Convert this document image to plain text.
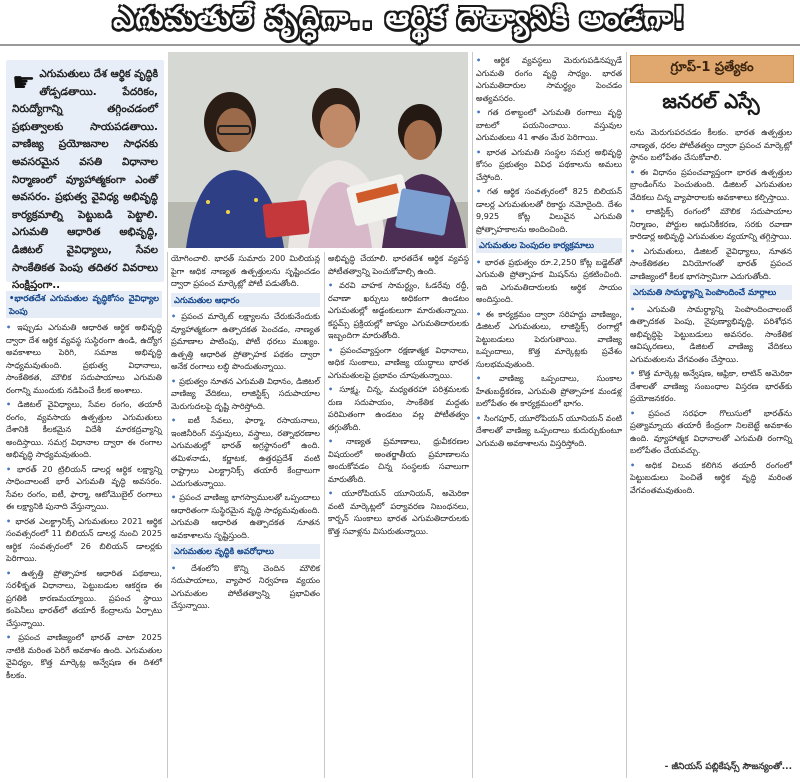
ఎగుమతులే వృద్ధిగా.. ఆర్థిక దౌత్యానికి అండగా!
☛ ఎగుమతులు దేశ ఆర్థిక వృద్ధికి తోడ్పడతాయి. పేదరికం, నిరుద్యోగాన్ని తగ్గించడంలో ప్రభుత్వాలకు సాయపడతాయి. వాణిజ్య ప్రయోజనాల సాధనకు అవసరమైన వసతి విధానాల నిర్మాణంలో వ్యూహాత్మకంగా ఎంతో అవసరం. ప్రభుత్వ వైవిధ్య అభివృద్ధి కార్యక్రమాల్ని పెట్టుబడి పెట్టాలి. ఎగుమతి ఆధారిత అభివృద్ధి, డిజిటల్ వైవిధ్యాలు, సేవల సాంకేతికత పెంపు తదితర వివరాలు సంక్షిప్తంగా..
• భారతదేశ ఎగుమతుల వృద్ధికోసం వైవిధ్యాల పెంపు

• ఇప్పుడు ఎగుమతి ఆధారిత ఆర్థిక అభివృద్ధి ద్వారా దేశ ఆర్థిక వ్యవస్థ సుస్థిరంగా ఉండి, ఉద్యోగ అవకాశాలు పెరిగి, సమాజ అభివృద్ధి సాధ్యమవుతుంది. ప్రభుత్వ విధానాలు, సాంకేతికత, మౌలిక సదుపాయాలు ఎగుమతి రంగాన్ని ముందుకు నడిపించే కీలక అంశాలు.

• డిజిటల్ వైవిధ్యాలు, సేవల రంగం, తయారీ రంగం, వ్యవసాయ ఉత్పత్తుల ఎగుమతులు దేశానికి కీలకమైన విదేశీ మారకద్రవ్యాన్ని అందిస్తాయి. సమగ్ర విధానాల ద్వారా ఈ రంగాల అభివృద్ధి సాధ్యమవుతుంది.

• భారత్ 20 ట్రిలియన్ డాలర్ల ఆర్థిక లక్ష్యాన్ని సాధించాలంటే భారీ ఎగుమతి వృద్ధి అవసరం. సేవల రంగం, ఐటీ, ఫార్మా, ఆటోమొబైల్ రంగాలు ఈ లక్ష్యానికి పునాది వేస్తున్నాయి.

• భారత ఎలక్ట్రానిక్స్ ఎగుమతులు 2021 ఆర్థిక సంవత్సరంలో 11 బిలియన్ డాలర్ల నుంచి 2025 ఆర్థిక సంవత్సరంలో 26 బిలియన్ డాలర్లకు పెరిగాయి.

• ఉత్పత్తి ప్రోత్సాహక ఆధారిత పథకాలు, సరళీకృత విధానాలు, పెట్టుబడుల ఆకర్షణ ఈ ప్రగతికి కారణమయ్యాయి. ప్రపంచ స్థాయి కంపెనీలు భారత్‌లో తయారీ కేంద్రాలను ఏర్పాటు చేస్తున్నాయి.

• ప్రపంచ వాణిజ్యంలో భారత్ వాటా 2025 నాటికి మరింత పెరిగే అవకాశం ఉంది. ఎగుమతుల వైవిధ్యం, కొత్త మార్కెట్ల అన్వేషణ ఈ దిశలో కీలకం.

యోగించాలి. భారత్ సుమారు 200 మిలియన్ల పైగా ఆధిక నాణ్యత ఉత్పత్తులను సృష్టించడం ద్వారా ప్రపంచ మార్కెట్లో పోటీ పడుతోంది.

ఎగుమతుల ఆధారం

• ప్రపంచ మార్కెట్ లక్ష్యాలను చేరుకునేందుకు వ్యూహాత్మకంగా ఉత్పాదకత పెంచడం, నాణ్యత ప్రమాణాల పాటింపు, పోటీ ధరలు ముఖ్యం. ఉత్పత్తి ఆధారిత ప్రోత్సాహక పథకం ద్వారా అనేక రంగాలు లబ్ధి పొందుతున్నాయి.

• ప్రభుత్వం నూతన ఎగుమతి విధానం, డిజిటల్ వాణిజ్య వేదికలు, లాజిస్టిక్స్ సదుపాయాల మెరుగుదలపై దృష్టి సారిస్తోంది.

• ఐటీ సేవలు, ఫార్మా, రసాయనాలు, ఇంజినీరింగ్ వస్తువులు, వస్త్రాలు, రత్నాభరణాల ఎగుమతుల్లో భారత్ అగ్రస్థానంలో ఉంది. తమిళనాడు, కర్ణాటక, ఉత్తరప్రదేశ్ వంటి రాష్ట్రాలు ఎలక్ట్రానిక్స్ తయారీ కేంద్రాలుగా ఎదుగుతున్నాయి.

• ప్రపంచ వాణిజ్య భాగస్వాములతో ఒప్పందాలు ఆధారితంగా సుస్థిరమైన వృద్ధి సాధ్యమవుతుంది. ఎగుమతి ఆధారిత ఉత్పాదకత నూతన అవకాశాలను సృష్టిస్తుంది.

ఎగుమతుల వృద్ధికి అవరోధాలు

• దేశంలోని కొన్ని చెందిన మౌలిక సదుపాయాలు, వ్యాపార నిర్వహణ వ్యయం ఎగుమతుల పోటీతత్వాన్ని ప్రభావితం చేస్తున్నాయి.

అభివృద్ధి చేయాలి. భారతదేశ ఆర్థిక వ్యవస్థ పోటీతత్వాన్ని పెంచుకోవాల్సి ఉంది.

• వరవి వాహక సామర్థ్యం, ఓడరేవు రద్దీ, రవాణా ఖర్చులు అధికంగా ఉండటం ఎగుమతుల్లో అడ్డంకులుగా మారుతున్నాయి. కస్టమ్స్ ప్రక్రియల్లో జాప్యం ఎగుమతిదారులకు ఇబ్బందిగా మారుతోంది.

• ప్రపంచవ్యాప్తంగా రక్షణాత్మక విధానాలు, అధిక సుంకాలు, వాణిజ్య యుద్ధాలు భారత ఎగుమతులపై ప్రభావం చూపుతున్నాయి.

• సూక్ష్మ, చిన్న, మధ్యతరహా పరిశ్రమలకు రుణ సదుపాయం, సాంకేతిక మద్దతు పరిమితంగా ఉండటం వల్ల పోటీతత్వం తగ్గుతోంది.

• నాణ్యత ప్రమాణాలు, ధ్రువీకరణల విషయంలో అంతర్జాతీయ ప్రమాణాలను అందుకోవడం చిన్న సంస్థలకు సవాలుగా మారుతోంది.

• యూరోపియన్ యూనియన్, అమెరికా వంటి మార్కెట్లలో పర్యావరణ నిబంధనలు, కార్బన్ సుంకాలు భారత ఎగుమతిదారులకు కొత్త సవాళ్లను విసురుతున్నాయి.

• ఆర్థిక వ్యవస్థలు మెరుగుపడినప్పుడే ఎగుమతి రంగం వృద్ధి సాధ్యం. భారత ఎగుమతిదారుల సామర్థ్యం పెంచడం అత్యవసరం.

• గత దశాబ్దంలో ఎగుమతి రంగాలు వృద్ధి బాటలో పయనించాయి. వస్తువుల ఎగుమతులు 41 శాతం మేర పెరిగాయి.

• భారత ఎగుమతి సంస్థల సమగ్ర అభివృద్ధి కోసం ప్రభుత్వం వివిధ పథకాలను అమలు చేస్తోంది.

• గత ఆర్థిక సంవత్సరంలో 825 బిలియన్ డాలర్ల ఎగుమతులతో రికార్డు నమోదైంది. దేశం 9,925 కోట్ల విలువైన ఎగుమతి ప్రోత్సాహకాలను అందించింది.

ఎగుమతుల పెంపుదల కార్యక్రమాలు

• భారత ప్రభుత్వం రూ.2,250 కోట్ల బడ్జెట్‌తో ఎగుమతి ప్రోత్సాహక మిషన్‌ను ప్రకటించింది. ఇది ఎగుమతిదారులకు ఆర్థిక సాయం అందిస్తుంది.

• ఈ కార్యక్రమం ద్వారా సరిహద్దు వాణిజ్యం, డిజిటల్ ఎగుమతులు, లాజిస్టిక్స్ రంగాల్లో పెట్టుబడులు పెరుగుతాయి. వాణిజ్య ఒప్పందాలు, కొత్త మార్కెట్లకు ప్రవేశం సులభమవుతుంది.

• వాణిజ్య ఒప్పందాలు, సుంకాల హేతుబద్ధీకరణ, ఎగుమతి ప్రోత్సాహక మండళ్ల బలోపేతం ఈ కార్యక్రమంలో భాగం.

• సింగపూర్, యూరోపియన్ యూనియన్ వంటి దేశాలతో వాణిజ్య ఒప్పందాలు కుదుర్చుకుంటూ ఎగుమతి అవకాశాలను విస్తరిస్తోంది.

గ్రూప్-1 ప్రత్యేకం
జనరల్ ఎస్సే

లను మెరుగుపరచడం కీలకం. భారత ఉత్పత్తుల నాణ్యత, ధరల పోటీతత్వం ద్వారా ప్రపంచ మార్కెట్లో స్థానం బలోపేతం చేసుకోవాలి.

• ఈ విధానం ప్రపంచవ్యాప్తంగా భారత ఉత్పత్తుల బ్రాండింగ్‌ను పెంచుతుంది. డిజిటల్ ఎగుమతుల వేదికలు చిన్న వ్యాపారాలకు అవకాశాలు కల్పిస్తాయి.

• లాజిస్టిక్స్ రంగంలో మౌలిక సదుపాయాల నిర్మాణం, పోర్టుల ఆధునికీకరణ, సరకు రవాణా కారిడార్ల అభివృద్ధి ఎగుమతుల వ్యయాన్ని తగ్గిస్తాయి.

• ఎగుమతులు, డిజిటల్ వైవిధ్యాలు, నూతన సాంకేతికతల వినియోగంతో భారత్ ప్రపంచ వాణిజ్యంలో కీలక భాగస్వామిగా ఎదుగుతోంది.

ఎగుమతి సామర్థ్యాన్ని పెంపొందించే మార్గాలు

• ఎగుమతి సామర్థ్యాన్ని పెంపొందించాలంటే ఉత్పాదకత పెంపు, నైపుణ్యాభివృద్ధి, పరిశోధన అభివృద్ధిపై పెట్టుబడులు అవసరం. సాంకేతిక ఆవిష్కరణలు, డిజిటల్ వాణిజ్య వేదికలు ఎగుమతులను వేగవంతం చేస్తాయి.

• కొత్త మార్కెట్ల అన్వేషణ, ఆఫ్రికా, లాటిన్ అమెరికా దేశాలతో వాణిజ్య సంబంధాల విస్తరణ భారత్‌కు ప్రయోజనకరం.

• ప్రపంచ సరఫరా గొలుసులో భారత్‌ను ప్రత్యామ్నాయ తయారీ కేంద్రంగా నిలబెట్టే అవకాశం ఉంది. వ్యూహాత్మక విధానాలతో ఎగుమతి రంగాన్ని బలోపేతం చేయవచ్చు.

• అధిక విలువ కలిగిన తయారీ రంగంలో పెట్టుబడులు పెంచితే ఆర్థిక వృద్ధి మరింత వేగవంతమవుతుంది.

- జీనియస్ పబ్లికేషన్స్ సౌజన్యంతో...
